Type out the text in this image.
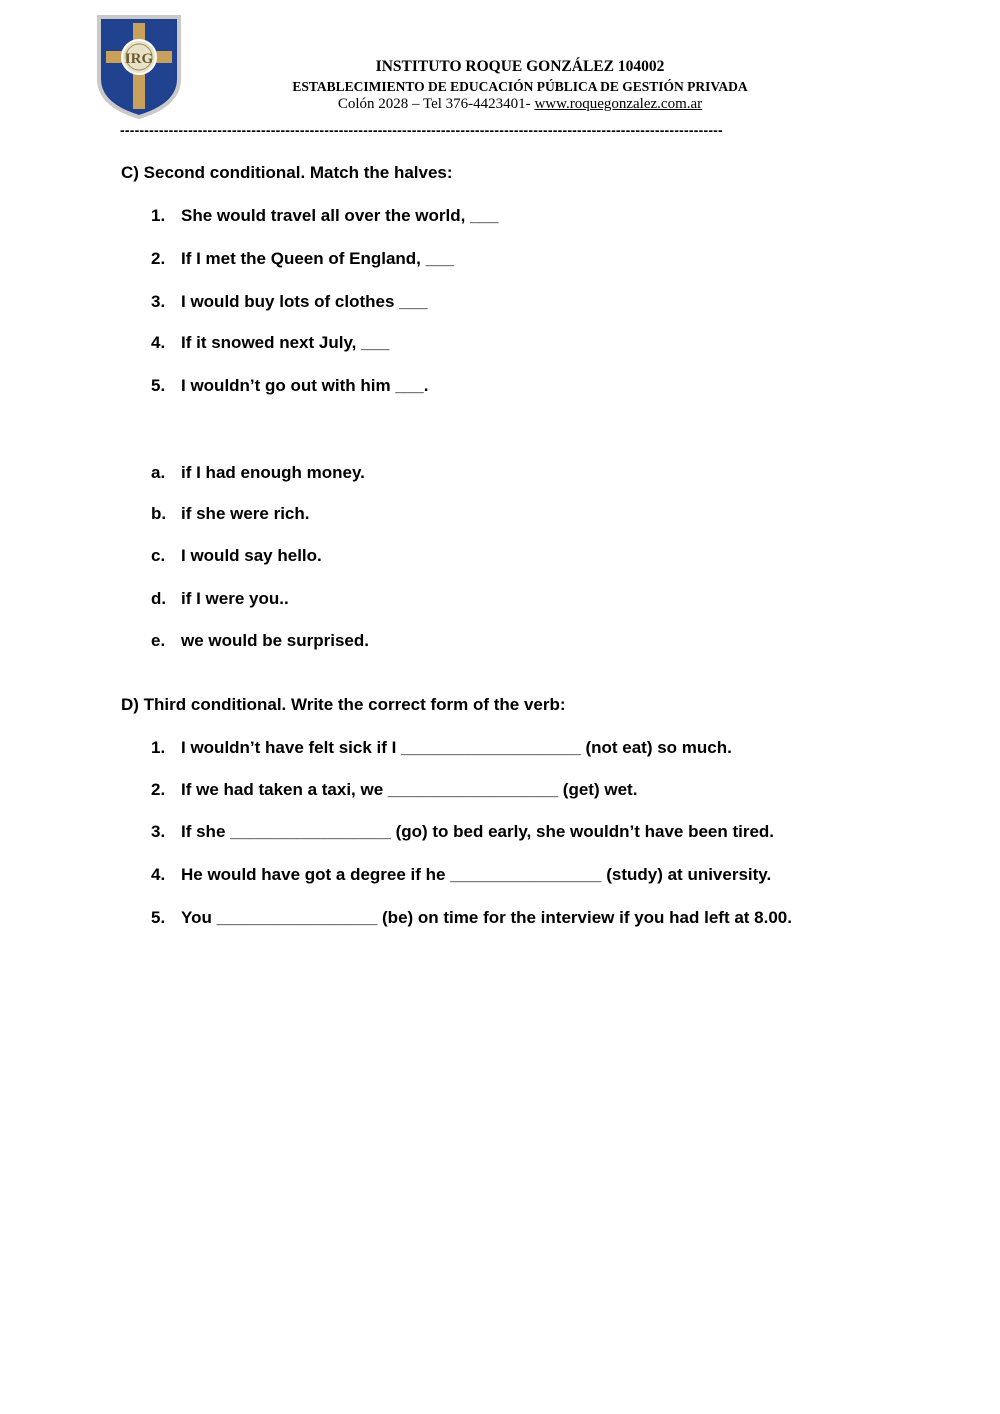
IRG	INSTITUTO ROQUE GONZÁLEZ 104002
ESTABLECIMIENTO DE EDUCACIÓN PÚBLICA DE GESTIÓN PRIVADA
Colón 2028 – Tel 376-4423401- www.roquegonzalez.com.ar
----------------------------------------------------------------------------------------------------------------------------
C) Second conditional. Match the halves:
1. She would travel all over the world, ___
2. If I met the Queen of England, ___
3. I would buy lots of clothes ___
4. If it snowed next July, ___
5. I wouldn’t go out with him ___.
a. if I had enough money.
b. if she were rich.
c. I would say hello.
d. if I were you..
e. we would be surprised.
D) Third conditional. Write the correct form of the verb:
1. I wouldn’t have felt sick if I ___________________ (not eat) so much.
2. If we had taken a taxi, we __________________ (get) wet.
3. If she _________________ (go) to bed early, she wouldn’t have been tired.
4. He would have got a degree if he ________________ (study) at university.
5. You _________________ (be) on time for the interview if you had left at 8.00.
